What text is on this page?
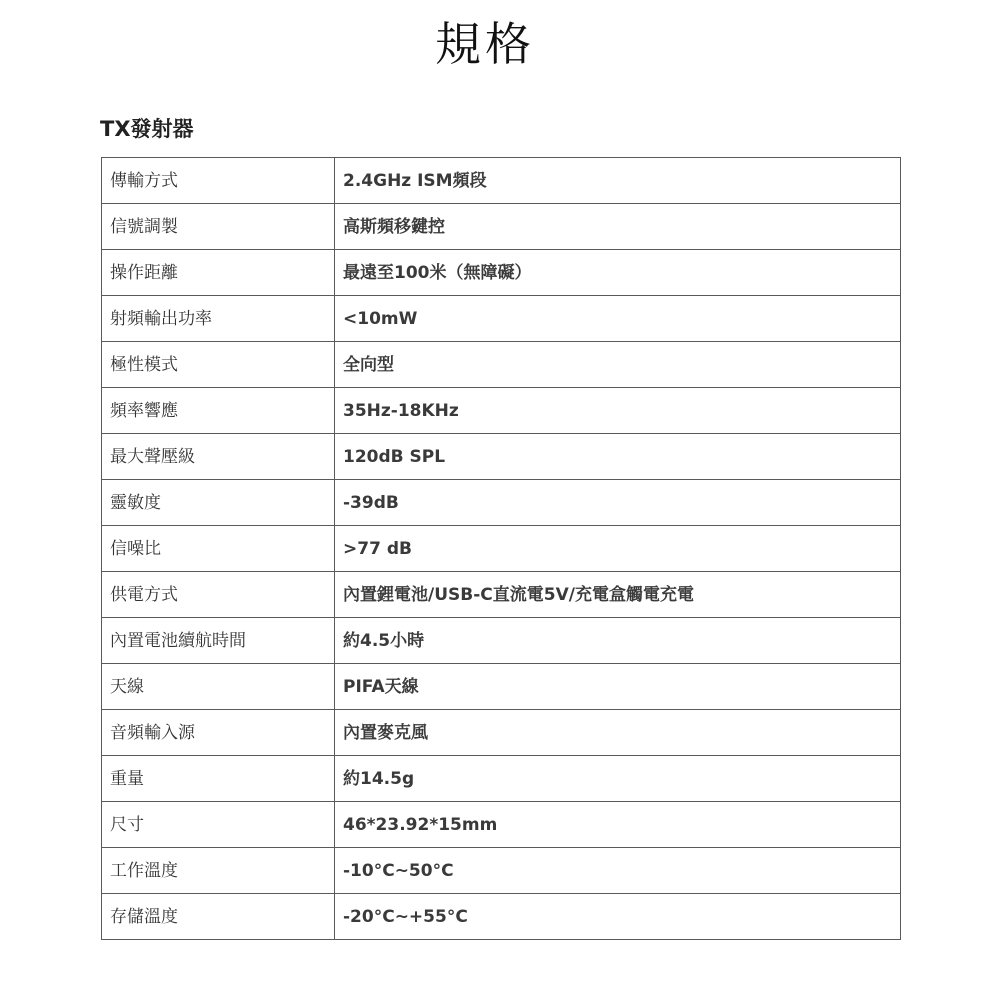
規格
TX發射器
傳輸方式	2.4GHz ISM頻段
信號調製	高斯頻移鍵控
操作距離	最遠至100米（無障礙）
射頻輸出功率	<10mW
極性模式	全向型
頻率響應	35Hz-18KHz
最大聲壓級	120dB SPL
靈敏度	-39dB
信噪比	>77 dB
供電方式	內置鋰電池/USB-C直流電5V/充電盒觸電充電
內置電池續航時間	約4.5小時
天線	PIFA天線
音頻輸入源	內置麥克風
重量	約14.5g
尺寸	46*23.92*15mm
工作溫度	-10°C~50°C
存儲溫度	-20°C~+55°C
